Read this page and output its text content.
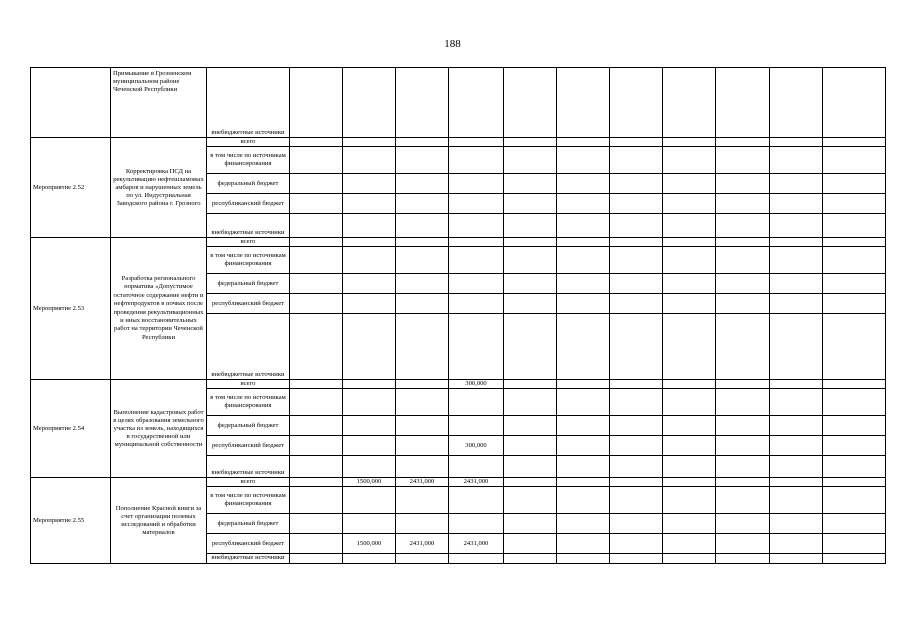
188
	Примыкание в Грозненском муниципальном районе Чеченской Республики	внебюджетные источники											
Мероприятие 2.52	Корректировка ПСД на рекультивацию нефтешламовых амбаров и нарушенных земель по ул. Индустриальная Заводского района г. Грозного	всего											
		в том числе по источникам финансирования											
		федеральный бюджет											
		республиканский бюджет											
		внебюджетные источники											
Мероприятие 2.53	Разработка регионального норматива «Допустимое остаточное содержание нефти и нефтепродуктов в почвах после проведения рекультивационных и иных восстановительных работ на территории Чеченской Республики	всего											
		в том числе по источникам финансирования											
		федеральный бюджет											
		республиканский бюджет											
		внебюджетные источники											
Мероприятие 2.54	Выполнение кадастровых работ в целях образования земельного участка из земель, находящихся в государственной или муниципальной собственности	всего				300,000							
		в том числе по источникам финансирования											
		федеральный бюджет											
		республиканский бюджет				300,000							
		внебюджетные источники											
Мероприятие 2.55	Пополнение Красной книги за счет организации полевых исследований и обработки материалов	всего		1500,000	2431,000	2431,000							
		в том числе по источникам финансирования											
		федеральный бюджет											
		республиканский бюджет		1500,000	2431,000	2431,000							
		внебюджетные источники											
